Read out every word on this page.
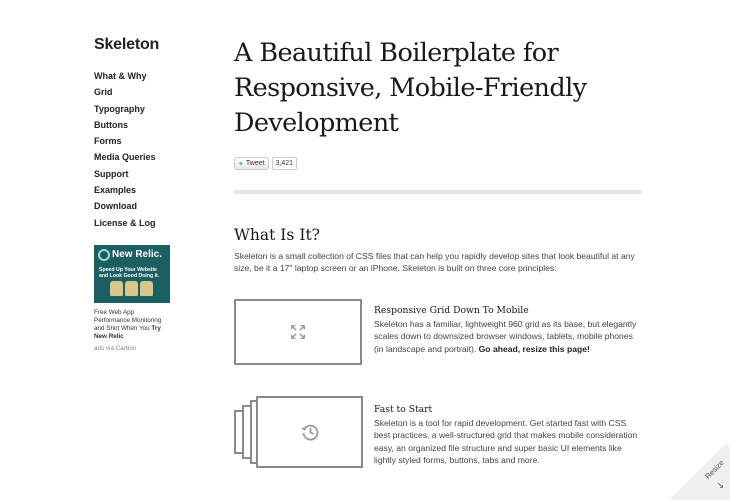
Skeleton
What & Why
Grid
Typography
Buttons
Forms
Media Queries
Support
Examples
Download
License & Log
New Relic.
Speed Up Your Website and Look Good Doing it.
Free Web App Performance Monitoring and Shirt When You Try New Relic
ads via Carbon
A Beautiful Boilerplate for Responsive, Mobile-Friendly Development
✦ Tweet	3,421
What Is It?

Skeleton is a small collection of CSS files that can help you rapidly develop sites that look beautiful at any size, be it a 17" laptop screen or an iPhone. Skeleton is built on three core principles:

Responsive Grid Down To Mobile

Skeleton has a familiar, lightweight 960 grid as its base, but elegantly scales down to downsized browser windows, tablets, mobile phones (in landscape and portrait). Go ahead, resize this page!

Fast to Start

Skeleton is a tool for rapid development. Get started fast with CSS best practices, a well-structured grid that makes mobile consideration easy, an organized file structure and super basic UI elements like lightly styled forms, buttons, tabs and more.	Resize
↘
